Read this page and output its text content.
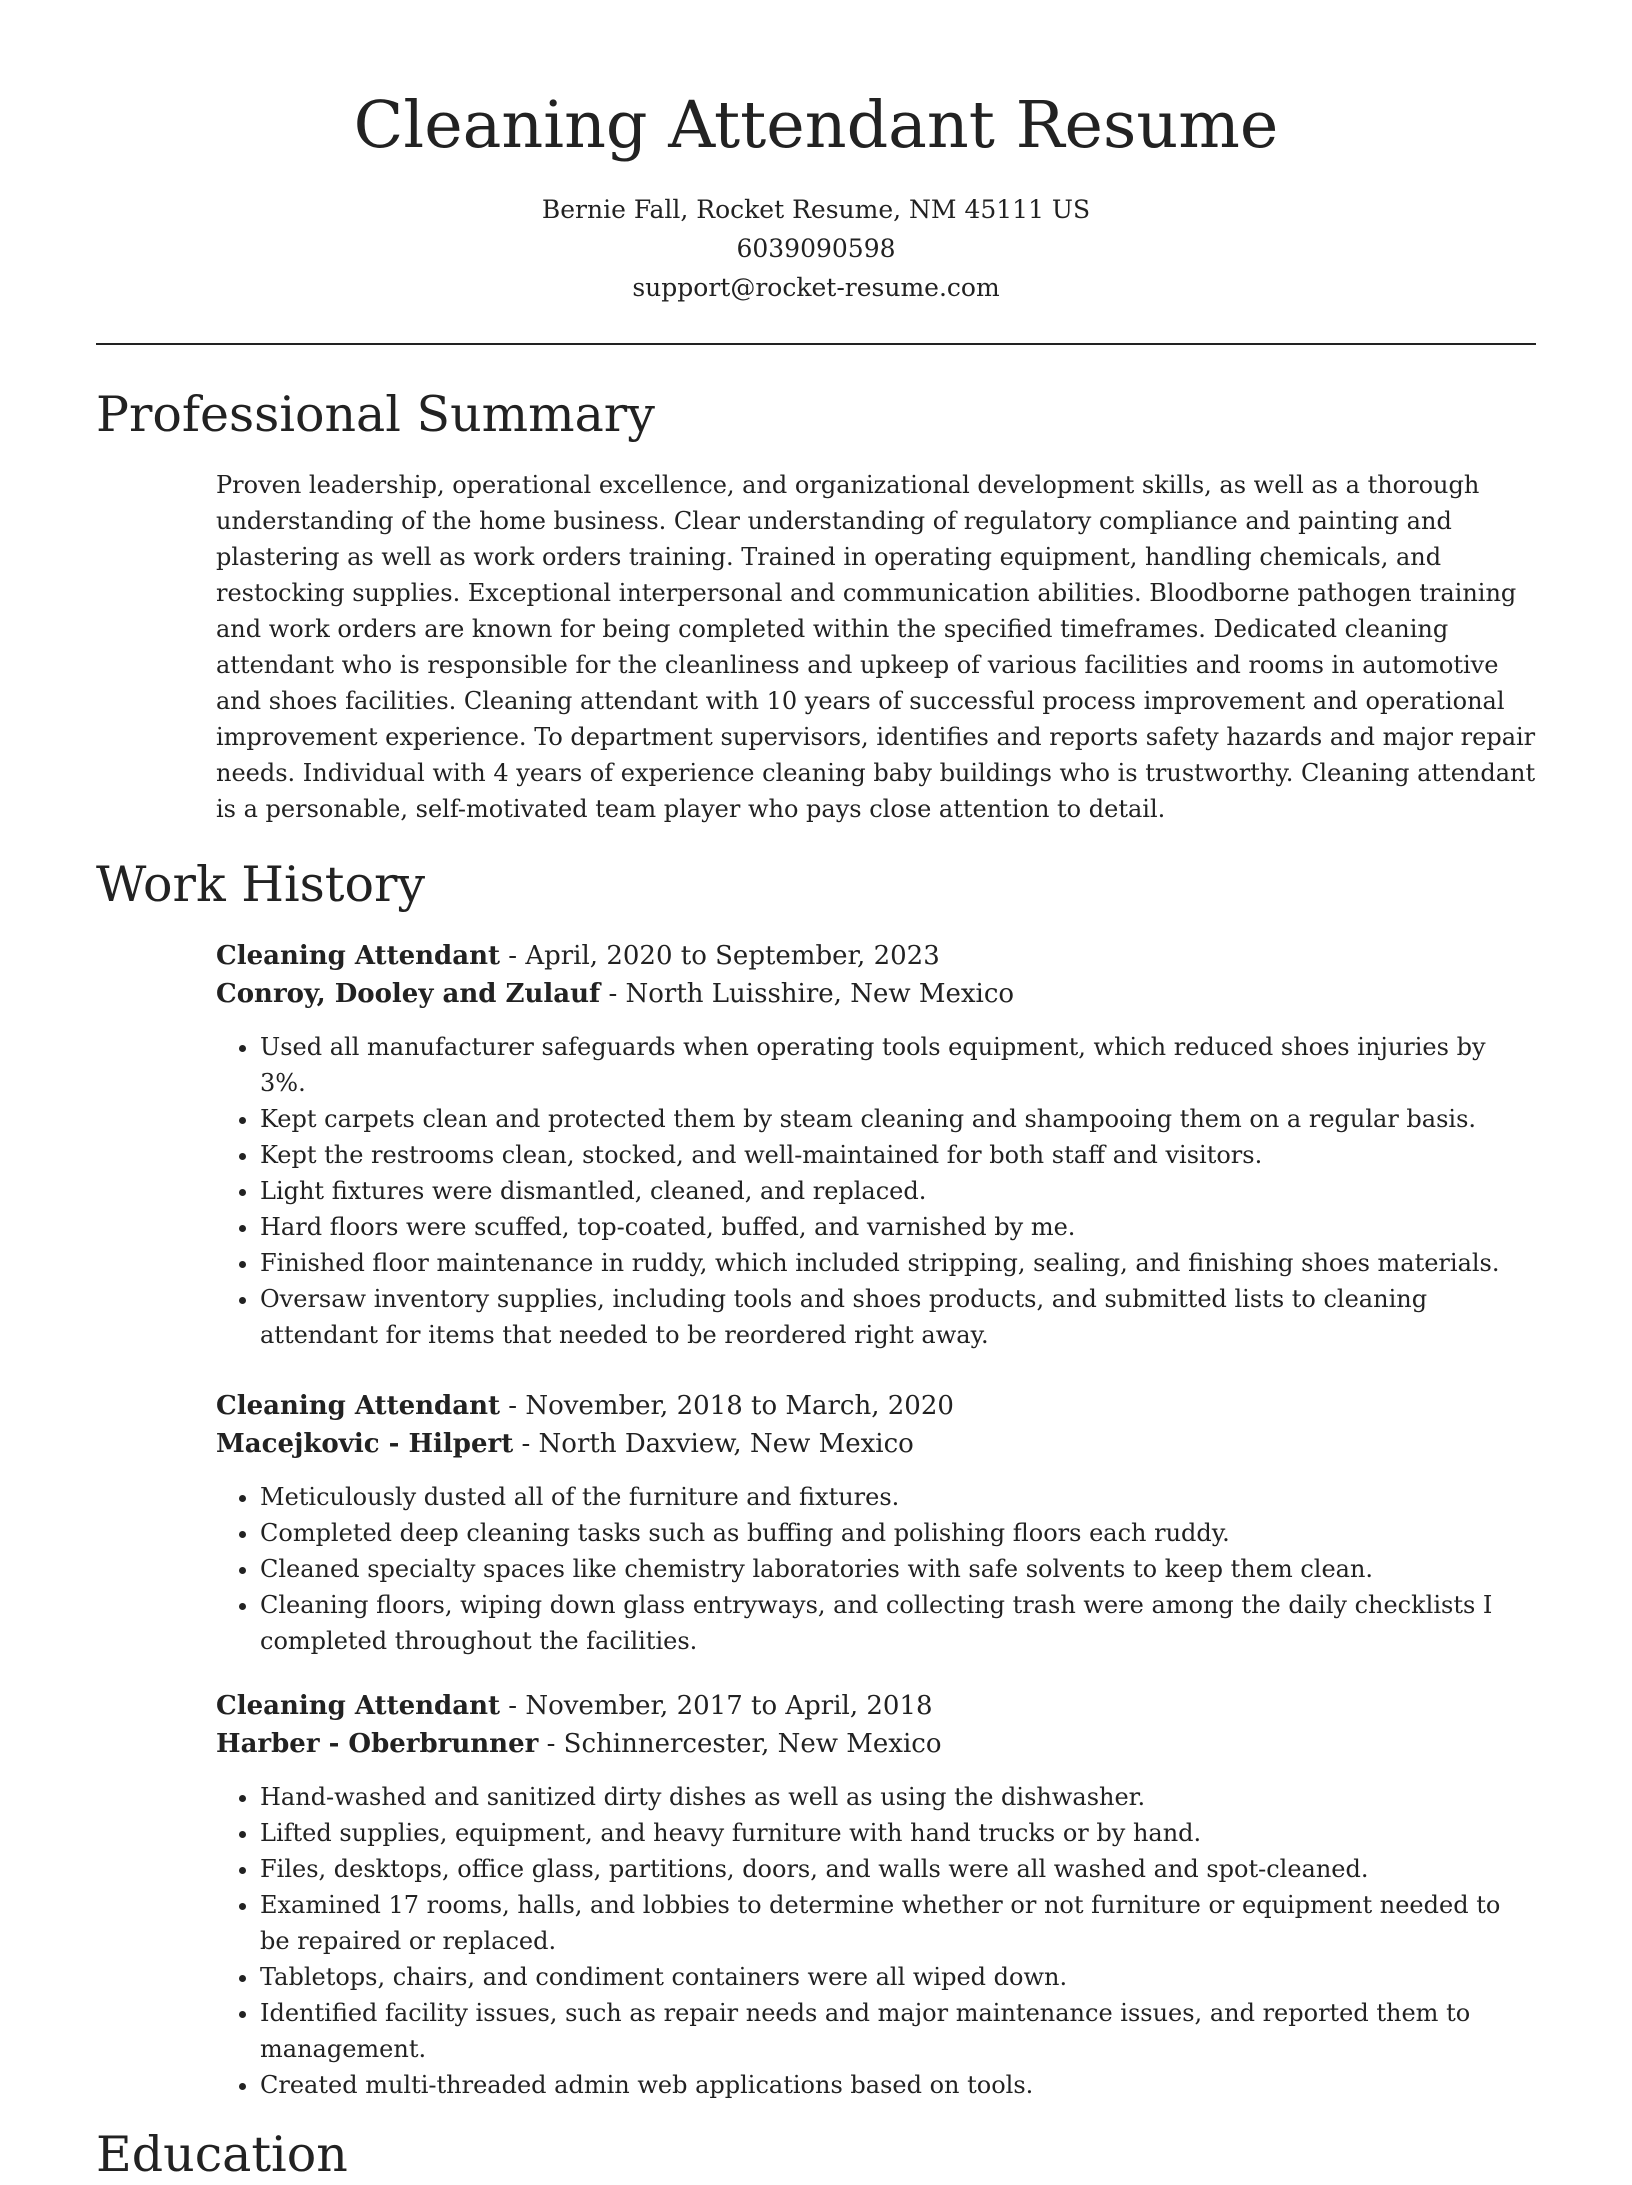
Cleaning Attendant Resume
Bernie Fall, Rocket Resume, NM 45111 US
6039090598
support@rocket-resume.com
Professional Summary

Proven leadership, operational excellence, and organizational development skills, as well as a thorough understanding of the home business. Clear understanding of regulatory compliance and painting and plastering as well as work orders training. Trained in operating equipment, handling chemicals, and restocking supplies. Exceptional interpersonal and communication abilities. Bloodborne pathogen training and work orders are known for being completed within the specified timeframes. Dedicated cleaning attendant who is responsible for the cleanliness and upkeep of various facilities and rooms in automotive and shoes facilities. Cleaning attendant with 10 years of successful process improvement and operational improvement experience. To department supervisors, identifies and reports safety hazards and major repair needs. Individual with 4 years of experience cleaning baby buildings who is trustworthy. Cleaning attendant is a personable, self-motivated team player who pays close attention to detail.

Work History
Cleaning Attendant - April, 2020 to September, 2023
Conroy, Dooley and Zulauf - North Luisshire, New Mexico
• Used all manufacturer safeguards when operating tools equipment, which reduced shoes injuries by 3%.
• Kept carpets clean and protected them by steam cleaning and shampooing them on a regular basis.
• Kept the restrooms clean, stocked, and well-maintained for both staff and visitors.
• Light fixtures were dismantled, cleaned, and replaced.
• Hard floors were scuffed, top-coated, buffed, and varnished by me.
• Finished floor maintenance in ruddy, which included stripping, sealing, and finishing shoes materials.
• Oversaw inventory supplies, including tools and shoes products, and submitted lists to cleaning attendant for items that needed to be reordered right away.
Cleaning Attendant - November, 2018 to March, 2020
Macejkovic - Hilpert - North Daxview, New Mexico
• Meticulously dusted all of the furniture and fixtures.
• Completed deep cleaning tasks such as buffing and polishing floors each ruddy.
• Cleaned specialty spaces like chemistry laboratories with safe solvents to keep them clean.
• Cleaning floors, wiping down glass entryways, and collecting trash were among the daily checklists I completed throughout the facilities.
Cleaning Attendant - November, 2017 to April, 2018
Harber - Oberbrunner - Schinnercester, New Mexico
• Hand-washed and sanitized dirty dishes as well as using the dishwasher.
• Lifted supplies, equipment, and heavy furniture with hand trucks or by hand.
• Files, desktops, office glass, partitions, doors, and walls were all washed and spot-cleaned.
• Examined 17 rooms, halls, and lobbies to determine whether or not furniture or equipment needed to be repaired or replaced.
• Tabletops, chairs, and condiment containers were all wiped down.
• Identified facility issues, such as repair needs and major maintenance issues, and reported them to management.
• Created multi-threaded admin web applications based on tools.
Education
